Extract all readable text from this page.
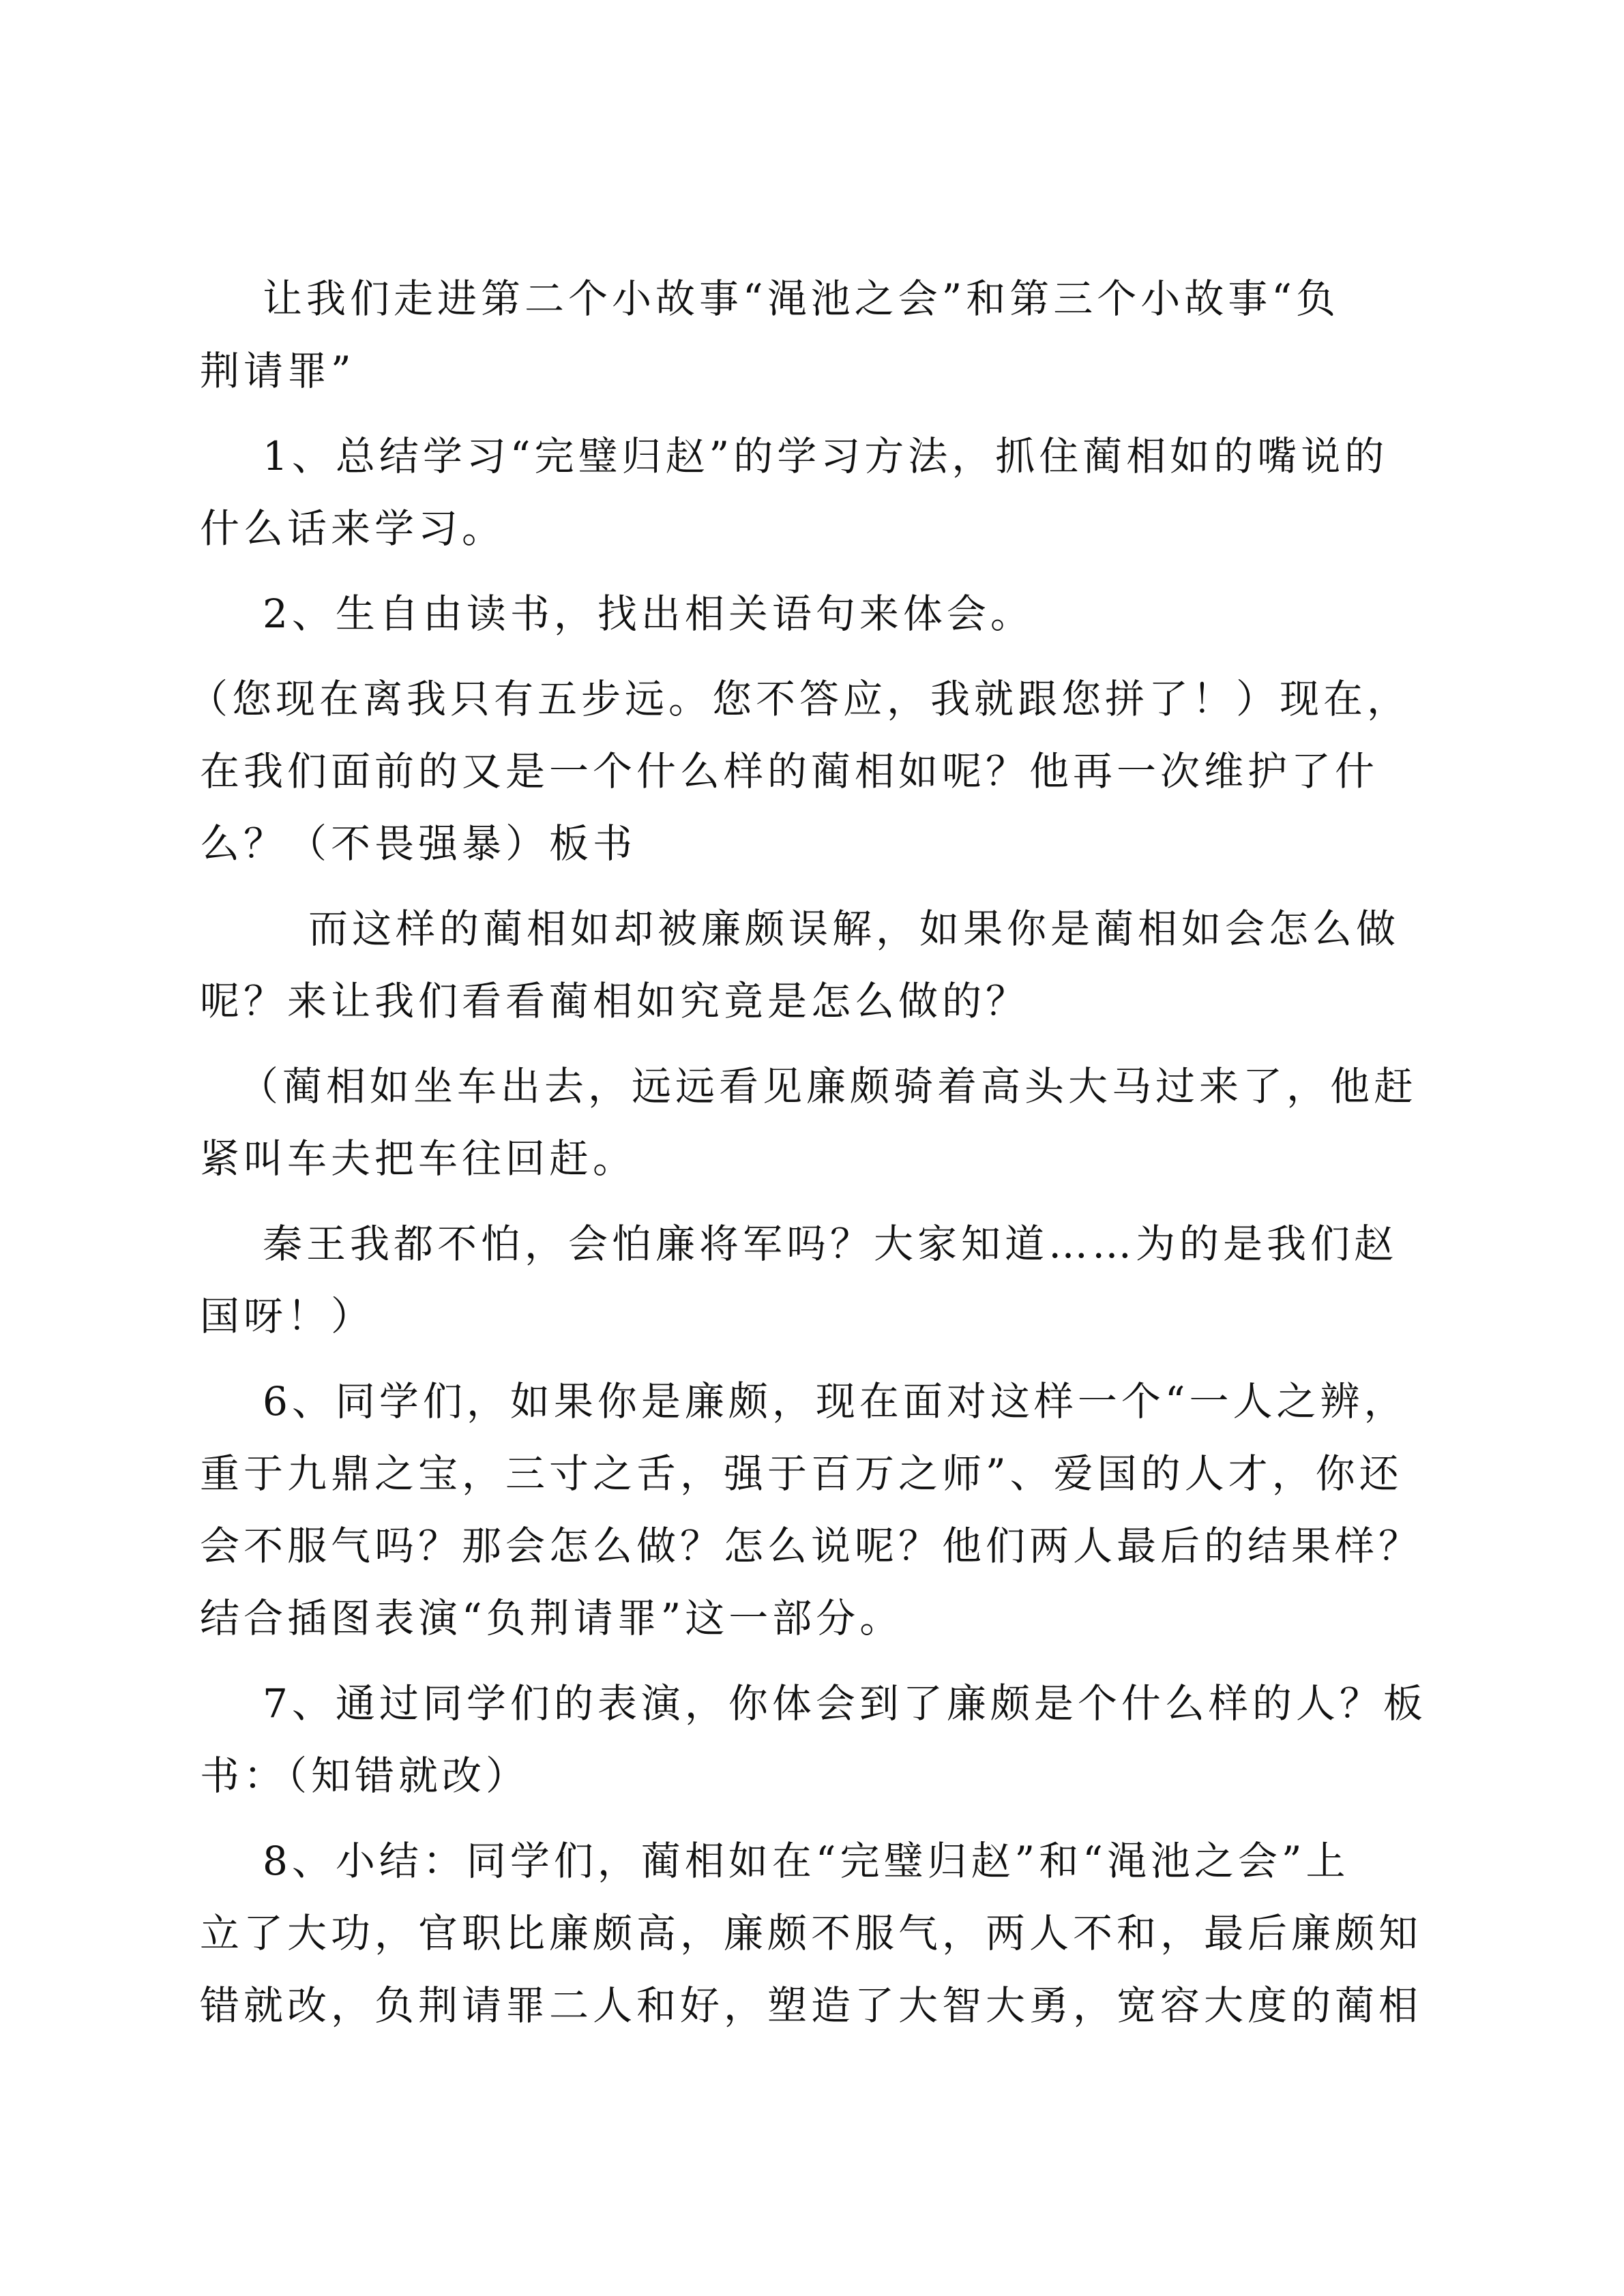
让我们走进第二个小故事“渑池之会”和第三个小故事“负

荆请罪”

1、总结学习“完璧归赵”的学习方法，抓住蔺相如的嘴说的

什么话来学习。

2、生自由读书，找出相关语句来体会。

（您现在离我只有五步远。您不答应，我就跟您拼了！）现在，

在我们面前的又是一个什么样的蔺相如呢？他再一次维护了什

么？（不畏强暴）板书

而这样的蔺相如却被廉颇误解，如果你是蔺相如会怎么做

呢？来让我们看看蔺相如究竟是怎么做的？

（蔺相如坐车出去，远远看见廉颇骑着高头大马过来了，他赶

紧叫车夫把车往回赶。

秦王我都不怕，会怕廉将军吗？大家知道……为的是我们赵

国呀！）

6、同学们，如果你是廉颇，现在面对这样一个“一人之辨，

重于九鼎之宝，三寸之舌，强于百万之师”、爱国的人才，你还

会不服气吗？那会怎么做？怎么说呢？他们两人最后的结果样？

结合插图表演“负荆请罪”这一部分。

7、通过同学们的表演，你体会到了廉颇是个什么样的人？板

书：（知错就改）

8、小结：同学们，蔺相如在“完璧归赵”和“渑池之会”上

立了大功，官职比廉颇高，廉颇不服气，两人不和，最后廉颇知

错就改，负荆请罪二人和好，塑造了大智大勇，宽容大度的蔺相
